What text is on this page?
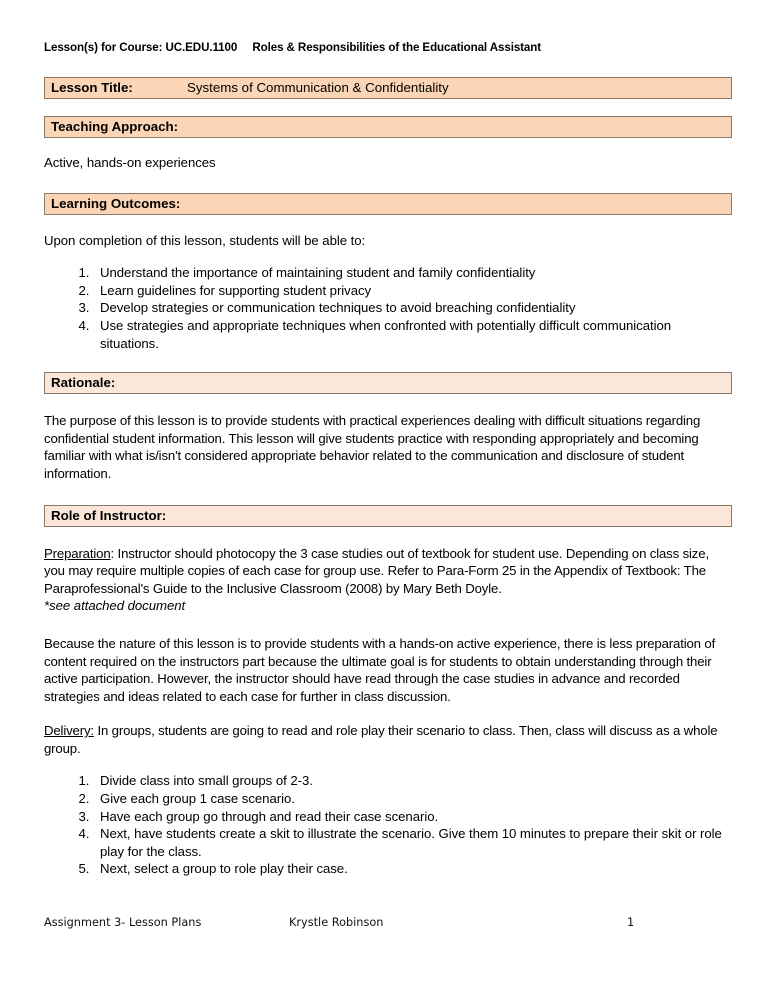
Lesson(s) for Course: UC.EDU.1100 Roles & Responsibilities of the Educational Assistant
Lesson Title:	Systems of Communication & Confidentiality
Teaching Approach:
Active, hands-on experiences
Learning Outcomes:
Upon completion of this lesson, students will be able to:
1. Understand the importance of maintaining student and family confidentiality
2. Learn guidelines for supporting student privacy
3. Develop strategies or communication techniques to avoid breaching confidentiality
4. Use strategies and appropriate techniques when confronted with potentially difficult communication situations.
Rationale:
The purpose of this lesson is to provide students with practical experiences dealing with difficult situations regarding confidential student information. This lesson will give students practice with responding appropriately and becoming familiar with what is/isn't considered appropriate behavior related to the communication and disclosure of student information.
Role of Instructor:
Preparation: Instructor should photocopy the 3 case studies out of textbook for student use. Depending on class size, you may require multiple copies of each case for group use. Refer to Para-Form 25 in the Appendix of Textbook: The Paraprofessional's Guide to the Inclusive Classroom (2008) by Mary Beth Doyle.
*see attached document
Because the nature of this lesson is to provide students with a hands-on active experience, there is less preparation of content required on the instructors part because the ultimate goal is for students to obtain understanding through their active participation. However, the instructor should have read through the case studies in advance and recorded strategies and ideas related to each case for further in class discussion.
Delivery: In groups, students are going to read and role play their scenario to class. Then, class will discuss as a whole group.
1. Divide class into small groups of 2-3.
2. Give each group 1 case scenario.
3. Have each group go through and read their case scenario.
4. Next, have students create a skit to illustrate the scenario. Give them 10 minutes to prepare their skit or role play for the class.
5. Next, select a group to role play their case.
Assignment 3- Lesson Plans	Krystle Robinson	1
